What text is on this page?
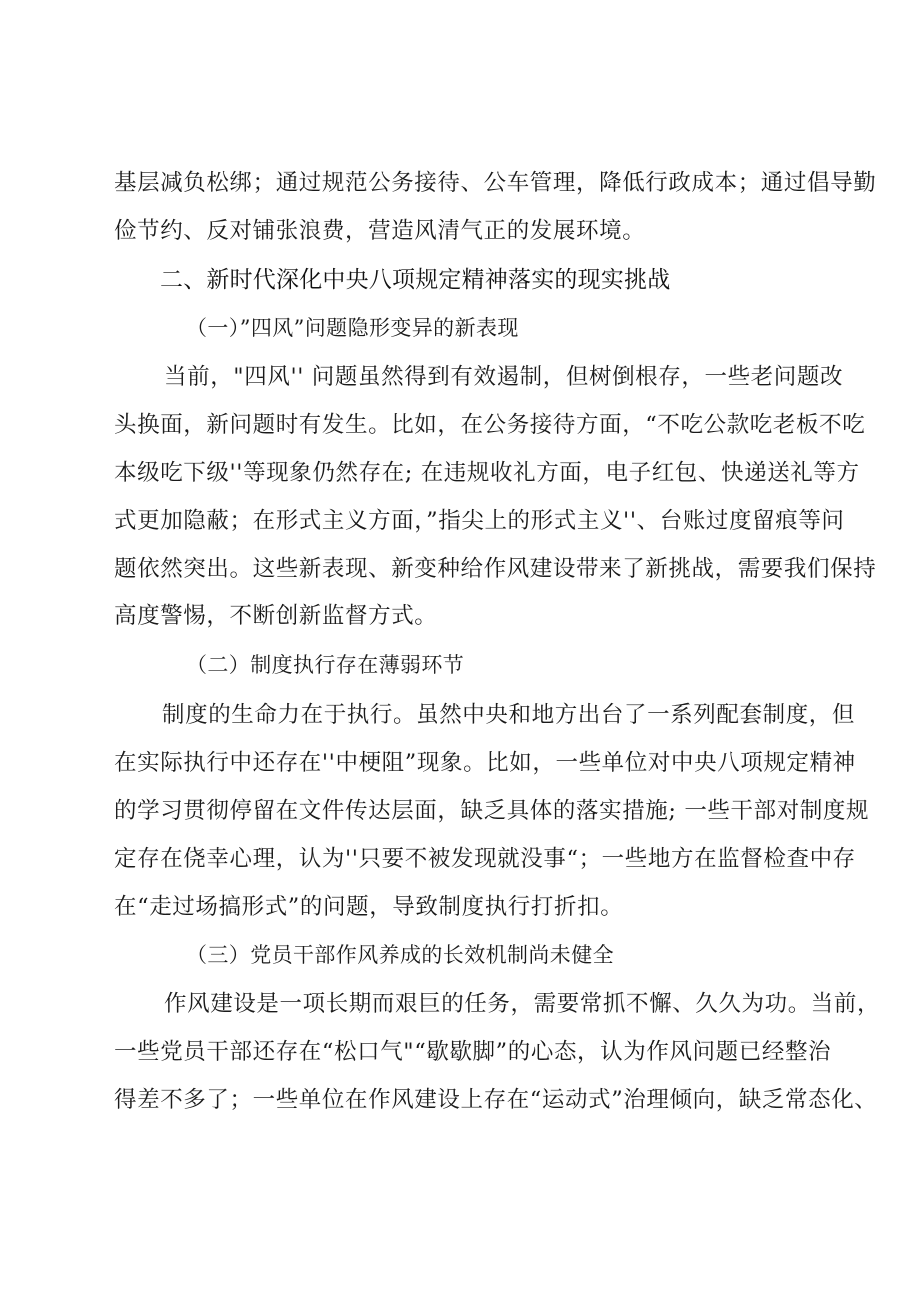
基层减负松绑；通过规范公务接待、公车管理，降低行政成本；通过倡导勤
俭节约、反对铺张浪费，营造风清气正的发展环境。
二、新时代深化中央八项规定精神落实的现实挑战
（一）”四风”问题隐形变异的新表现
当前，"四风'' 问题虽然得到有效遏制，但树倒根存，一些老问题改
头换面，新问题时有发生。比如，在公务接待方面，“不吃公款吃老板不吃
本级吃下级''等现象仍然存在; 在违规收礼方面，电子红包、快递送礼等方
式更加隐蔽；在形式主义方面，”指尖上的形式主义''、台账过度留痕等问
题依然突出。这些新表现、新变种给作风建设带来了新挑战，需要我们保持
高度警惕，不断创新监督方式。
（二）制度执行存在薄弱环节
制度的生命力在于执行。虽然中央和地方出台了一系列配套制度，但
在实际执行中还存在''中梗阻”现象。比如，一些单位对中央八项规定精神
的学习贯彻停留在文件传达层面，缺乏具体的落实措施; 一些干部对制度规
定存在侥幸心理，认为''只要不被发现就没事“；一些地方在监督检查中存
在“走过场搞形式”的问题，导致制度执行打折扣。
（三）党员干部作风养成的长效机制尚未健全
作风建设是一项长期而艰巨的任务，需要常抓不懈、久久为功。当前，
一些党员干部还存在“松口气"“歇歇脚”的心态，认为作风问题已经整治
得差不多了；一些单位在作风建设上存在“运动式”治理倾向，缺乏常态化、
